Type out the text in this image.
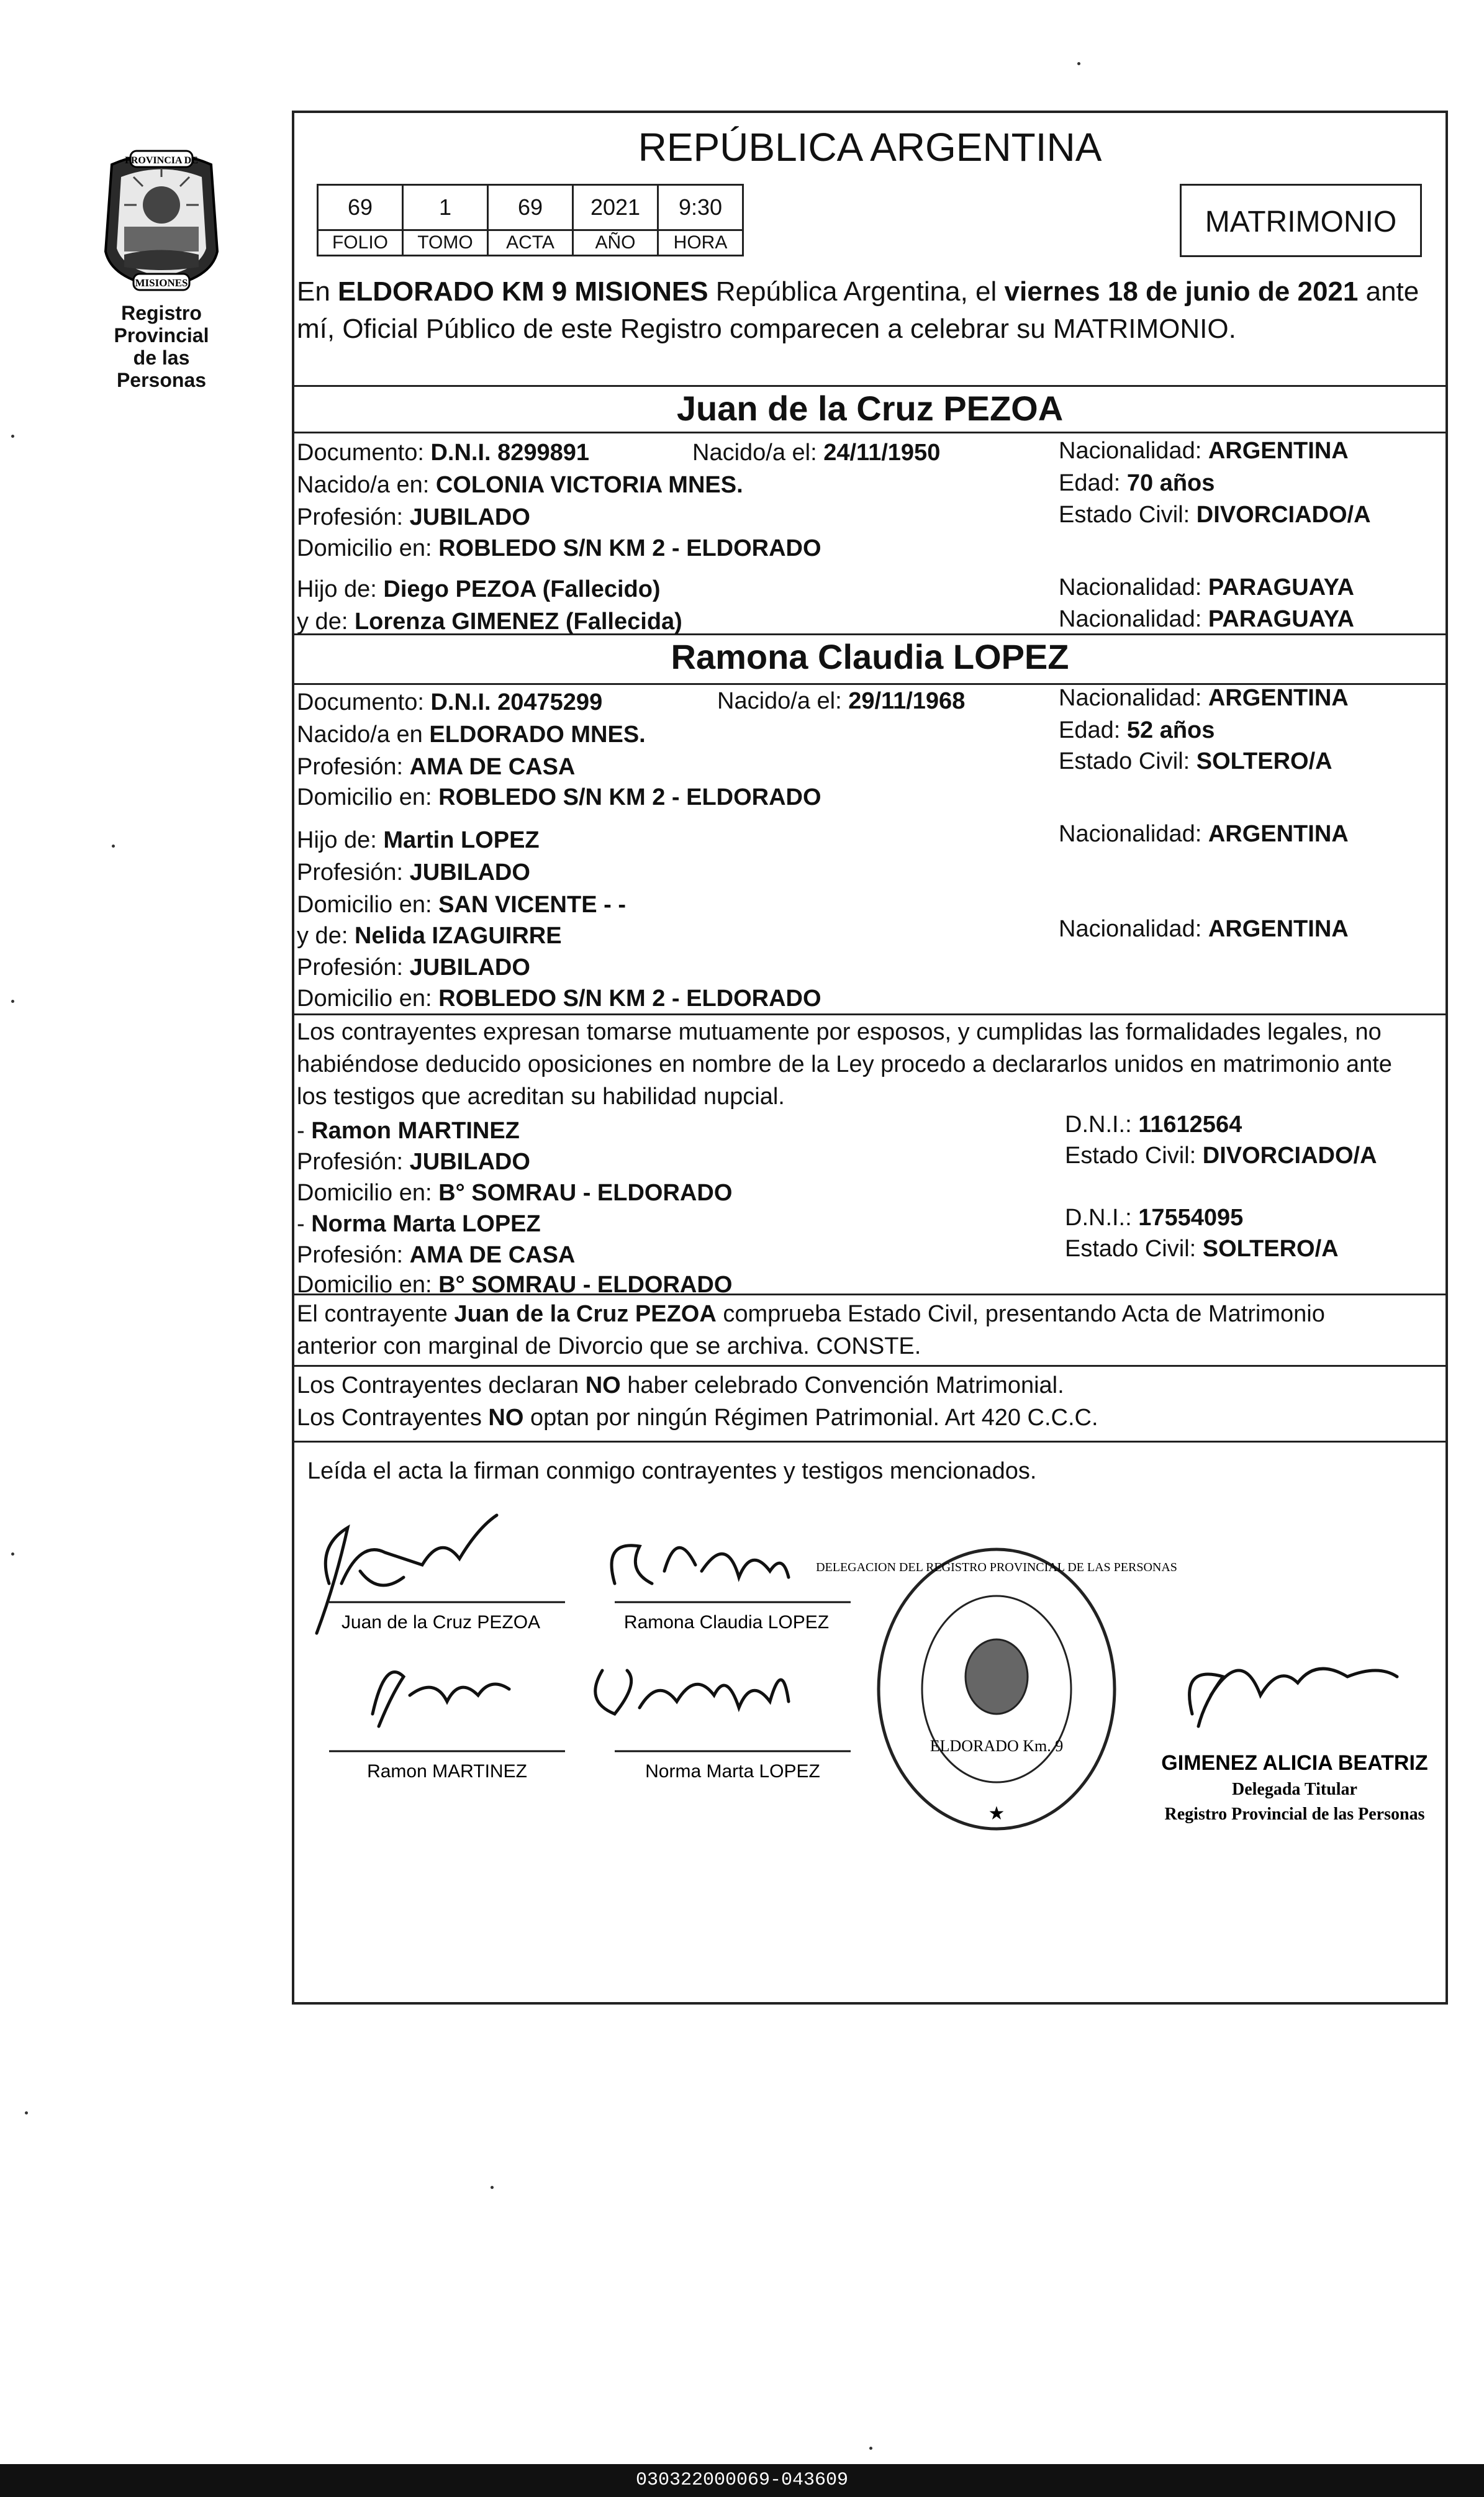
PROVINCIA DE
MISIONES
Registro Provincial
de las Personas
REPÚBLICA ARGENTINA
69	1	69	2021	9:30
FOLIO	TOMO	ACTA	AÑO	HORA
MATRIMONIO
En ELDORADO KM 9 MISIONES República Argentina, el viernes 18 de junio de 2021 ante
mí, Oficial Público de este Registro comparecen a celebrar su MATRIMONIO.
Juan de la Cruz PEZOA
Documento: D.N.I. 8299891	Nacido/a el: 24/11/1950	Nacionalidad: ARGENTINA
Nacido/a en: COLONIA VICTORIA MNES.	Edad: 70 años
Profesión: JUBILADO	Estado Civil: DIVORCIADO/A
Domicilio en: ROBLEDO S/N KM 2 - ELDORADO
Hijo de: Diego PEZOA (Fallecido)	Nacionalidad: PARAGUAYA
y de: Lorenza GIMENEZ (Fallecida)	Nacionalidad: PARAGUAYA
Ramona Claudia LOPEZ
Documento: D.N.I. 20475299	Nacido/a el: 29/11/1968	Nacionalidad: ARGENTINA
Nacido/a en ELDORADO MNES.	Edad: 52 años
Profesión: AMA DE CASA	Estado Civil: SOLTERO/A
Domicilio en: ROBLEDO S/N KM 2 - ELDORADO
Hijo de: Martin LOPEZ	Nacionalidad: ARGENTINA
Profesión: JUBILADO
Domicilio en: SAN VICENTE - -
y de: Nelida IZAGUIRRE	Nacionalidad: ARGENTINA
Profesión: JUBILADO
Domicilio en: ROBLEDO S/N KM 2 - ELDORADO
Los contrayentes expresan tomarse mutuamente por esposos, y cumplidas las formalidades legales, no
habiéndose deducido oposiciones en nombre de la Ley procedo a declararlos unidos en matrimonio ante
los testigos que acreditan su habilidad nupcial.
- Ramon MARTINEZ	D.N.I.: 11612564
Profesión: JUBILADO	Estado Civil: DIVORCIADO/A
Domicilio en: B° SOMRAU - ELDORADO
- Norma Marta LOPEZ	D.N.I.: 17554095
Profesión: AMA DE CASA	Estado Civil: SOLTERO/A
Domicilio en: B° SOMRAU - ELDORADO
El contrayente Juan de la Cruz PEZOA comprueba Estado Civil, presentando Acta de Matrimonio
anterior con marginal de Divorcio que se archiva. CONSTE.
Los Contrayentes declaran NO haber celebrado Convención Matrimonial.
Los Contrayentes NO optan por ningún Régimen Patrimonial. Art 420 C.C.C.
Leída el acta la firman conmigo contrayentes y testigos mencionados.
Juan de la Cruz PEZOA	Ramona Claudia LOPEZ
Ramon MARTINEZ	Norma Marta LOPEZ
ELDORADO Km. 9
DELEGACION DEL REGISTRO PROVINCIAL DE LAS PERSONAS
★
GIMENEZ ALICIA BEATRIZ
Delegada Titular
Registro Provincial de las Personas
030322000069-043609
